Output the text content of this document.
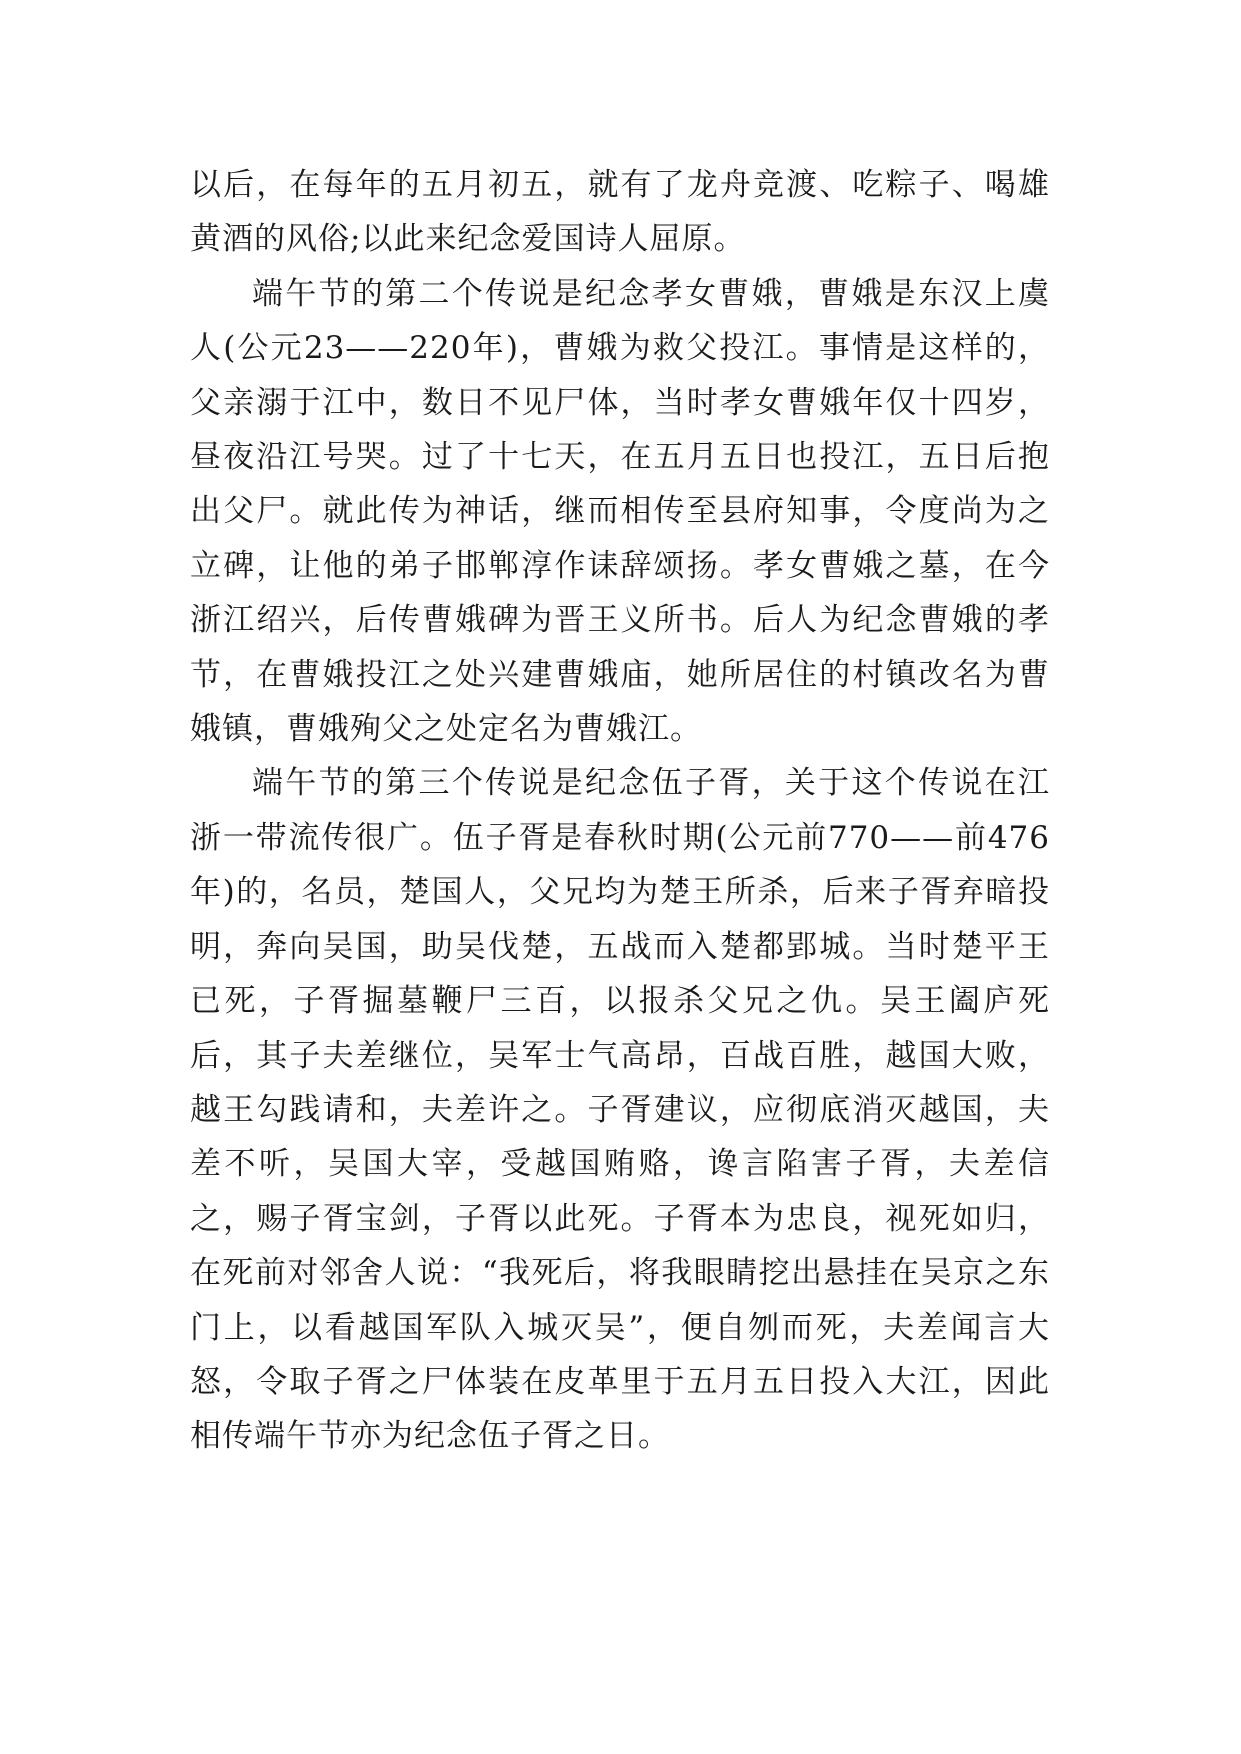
以后，在每年的五月初五，就有了龙舟竞渡、吃粽子、喝雄黄酒的风俗;以此来纪念爱国诗人屈原。

端午节的第二个传说是纪念孝女曹娥，曹娥是东汉上虞人(公元23——220年)，曹娥为救父投江。事情是这样的，父亲溺于江中，数日不见尸体，当时孝女曹娥年仅十四岁，昼夜沿江号哭。过了十七天，在五月五日也投江，五日后抱出父尸。就此传为神话，继而相传至县府知事，令度尚为之立碑，让他的弟子邯郸淳作诔辞颂扬。孝女曹娥之墓，在今浙江绍兴，后传曹娥碑为晋王义所书。后人为纪念曹娥的孝节，在曹娥投江之处兴建曹娥庙，她所居住的村镇改名为曹娥镇，曹娥殉父之处定名为曹娥江。

端午节的第三个传说是纪念伍子胥，关于这个传说在江浙一带流传很广。伍子胥是春秋时期(公元前770——前476年)的，名员，楚国人，父兄均为楚王所杀，后来子胥弃暗投明，奔向吴国，助吴伐楚，五战而入楚都郢城。当时楚平王已死，子胥掘墓鞭尸三百，以报杀父兄之仇。吴王阖庐死后，其子夫差继位，吴军士气高昂，百战百胜，越国大败，越王勾践请和，夫差许之。子胥建议，应彻底消灭越国，夫差不听，吴国大宰，受越国贿赂，谗言陷害子胥，夫差信之，赐子胥宝剑，子胥以此死。子胥本为忠良，视死如归，在死前对邻舍人说：“我死后，将我眼睛挖出悬挂在吴京之东门上，以看越国军队入城灭吴”，便自刎而死，夫差闻言大怒，令取子胥之尸体装在皮革里于五月五日投入大江，因此相传端午节亦为纪念伍子胥之日。
